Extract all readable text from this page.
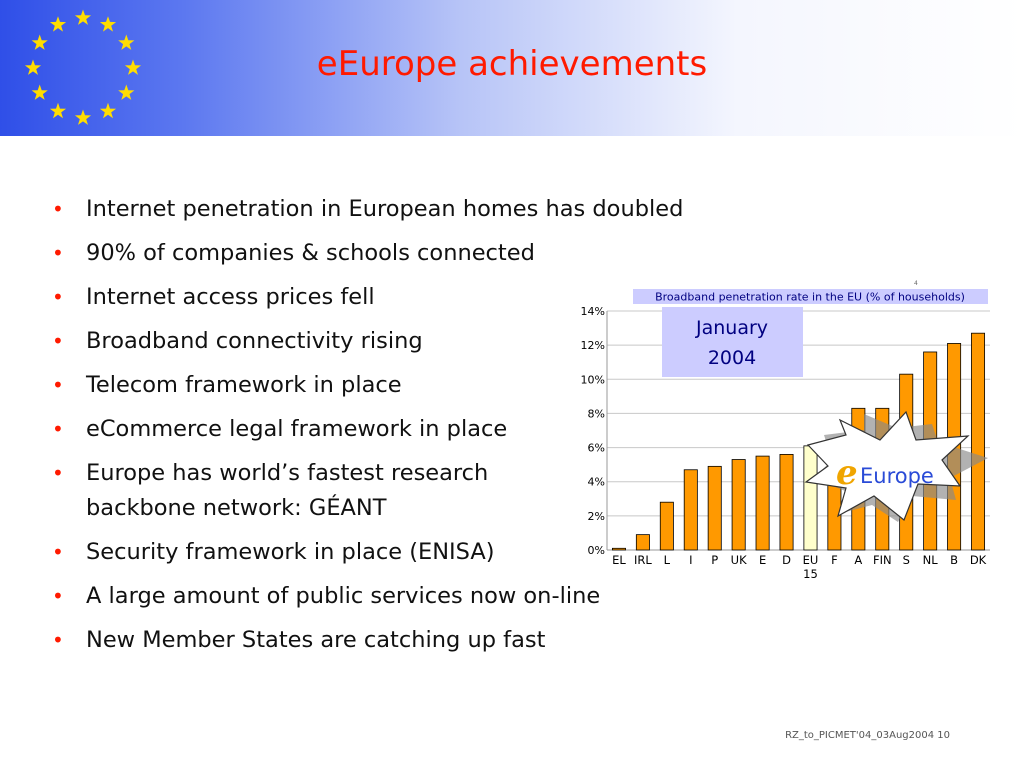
eEurope achievements
• Internet penetration in European homes has doubled
• 90% of companies & schools connected
• Internet access prices fell
• Broadband connectivity rising
• Telecom framework in place
• eCommerce legal framework in place
• Europe has world’s fastest research backbone network: GÉANT
• Security framework in place (ENISA)
• A large amount of public services now on-line
• New Member States are catching up fast
4
Broadband penetration rate in the EU (% of households)
0%
2%
4%
6%
8%
10%
12%
14%
EL IRL L I P UK E D EU
15
F A FIN S NL B DK
January 2004
e Europe
RZ_to_PICMET'04_03Aug2004 10
